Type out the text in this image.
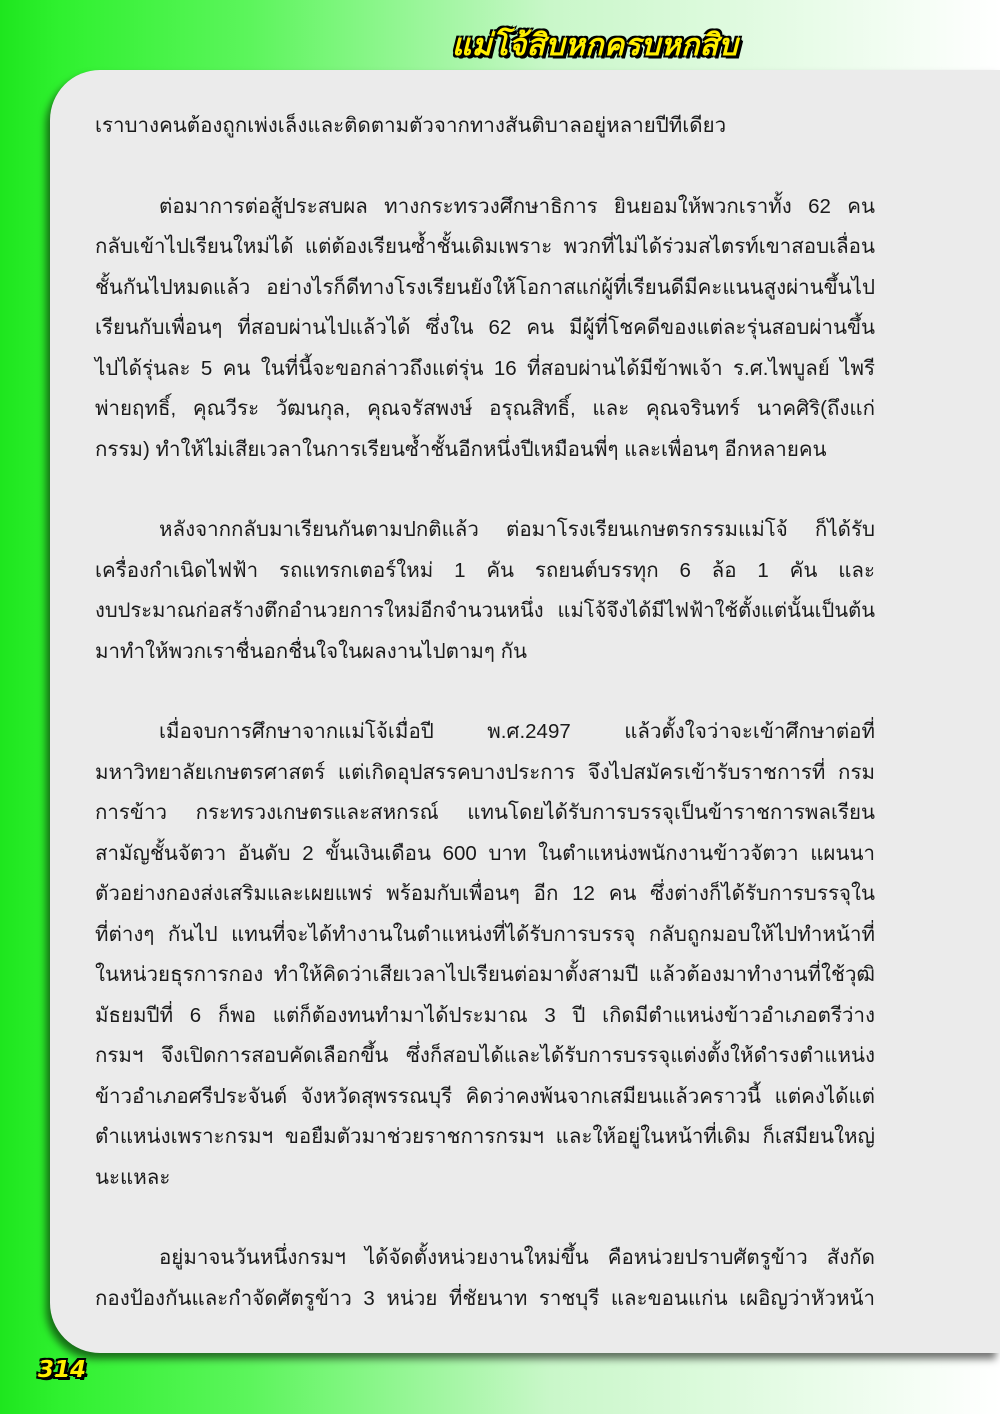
แม่โจ้สิบหกครบหกสิบ
เราบางคนต้องถูกเพ่งเล็งและติดตามตัวจากทางสันติบาลอยู่หลายปีทีเดียว
ต่อมาการต่อสู้ประสบผล ทางกระทรวงศึกษาธิการ ยินยอมให้พวกเราทั้ง 62 คน
กลับเข้าไปเรียนใหม่ได้ แต่ต้องเรียนซ้ำชั้นเดิมเพราะ พวกที่ไม่ได้ร่วมสไตรท์เขาสอบเลื่อน
ชั้นกันไปหมดแล้ว อย่างไรก็ดีทางโรงเรียนยังให้โอกาสแก่ผู้ที่เรียนดีมีคะแนนสูงผ่านขึ้นไป
เรียนกับเพื่อนๆ ที่สอบผ่านไปแล้วได้ ซึ่งใน 62 คน มีผู้ที่โชคดีของแต่ละรุ่นสอบผ่านขึ้น
ไปได้รุ่นละ 5 คน ในที่นี้จะขอกล่าวถึงแต่รุ่น 16 ที่สอบผ่านได้มีข้าพเจ้า ร.ศ.ไพบูลย์ ไพรี
พ่ายฤทธิ์, คุณวีระ วัฒนกุล, คุณจรัสพงษ์ อรุณสิทธิ์, และ คุณจรินทร์ นาคศิริ(ถึงแก่
กรรม) ทำให้ไม่เสียเวลาในการเรียนซ้ำชั้นอีกหนึ่งปีเหมือนพี่ๆ และเพื่อนๆ อีกหลายคน
หลังจากกลับมาเรียนกันตามปกติแล้ว ต่อมาโรงเรียนเกษตรกรรมแม่โจ้ ก็ได้รับ
เครื่องกำเนิดไฟฟ้า รถแทรกเตอร์ใหม่ 1 คัน รถยนต์บรรทุก 6 ล้อ 1 คัน และ
งบประมาณก่อสร้างตึกอำนวยการใหม่อีกจำนวนหนึ่ง แม่โจ้จึงได้มีไฟฟ้าใช้ตั้งแต่นั้นเป็นต้น
มาทำให้พวกเราชื่นอกชื่นใจในผลงานไปตามๆ กัน
เมื่อจบการศึกษาจากแม่โจ้เมื่อปี พ.ศ.2497 แล้วตั้งใจว่าจะเข้าศึกษาต่อที่
มหาวิทยาลัยเกษตรศาสตร์ แต่เกิดอุปสรรคบางประการ จึงไปสมัครเข้ารับราชการที่ กรม
การข้าว กระทรวงเกษตรและสหกรณ์ แทนโดยได้รับการบรรจุเป็นข้าราชการพลเรียน
สามัญชั้นจัตวา อันดับ 2 ขั้นเงินเดือน 600 บาท ในตำแหน่งพนักงานข้าวจัตวา แผนนา
ตัวอย่างกองส่งเสริมและเผยแพร่ พร้อมกับเพื่อนๆ อีก 12 คน ซึ่งต่างก็ได้รับการบรรจุใน
ที่ต่างๆ กันไป แทนที่จะได้ทำงานในตำแหน่งที่ได้รับการบรรจุ กลับถูกมอบให้ไปทำหน้าที่
ในหน่วยธุรการกอง ทำให้คิดว่าเสียเวลาไปเรียนต่อมาตั้งสามปี แล้วต้องมาทำงานที่ใช้วุฒิ
มัธยมปีที่ 6 ก็พอ แต่ก็ต้องทนทำมาได้ประมาณ 3 ปี เกิดมีตำแหน่งข้าวอำเภอตรีว่าง
กรมฯ จึงเปิดการสอบคัดเลือกขึ้น ซึ่งก็สอบได้และได้รับการบรรจุแต่งตั้งให้ดำรงตำแหน่ง
ข้าวอำเภอศรีประจันต์ จังหวัดสุพรรณบุรี คิดว่าคงพ้นจากเสมียนแล้วคราวนี้ แต่คงได้แต่
ตำแหน่งเพราะกรมฯ ขอยืมตัวมาช่วยราชการกรมฯ และให้อยู่ในหน้าที่เดิม ก็เสมียนใหญ่
นะแหละ
อยู่มาจนวันหนึ่งกรมฯ ได้จัดตั้งหน่วยงานใหม่ขึ้น คือหน่วยปราบศัตรูข้าว สังกัด
กองป้องกันและกำจัดศัตรูข้าว 3 หน่วย ที่ชัยนาท ราชบุรี และขอนแก่น เผอิญว่าหัวหน้า
314
